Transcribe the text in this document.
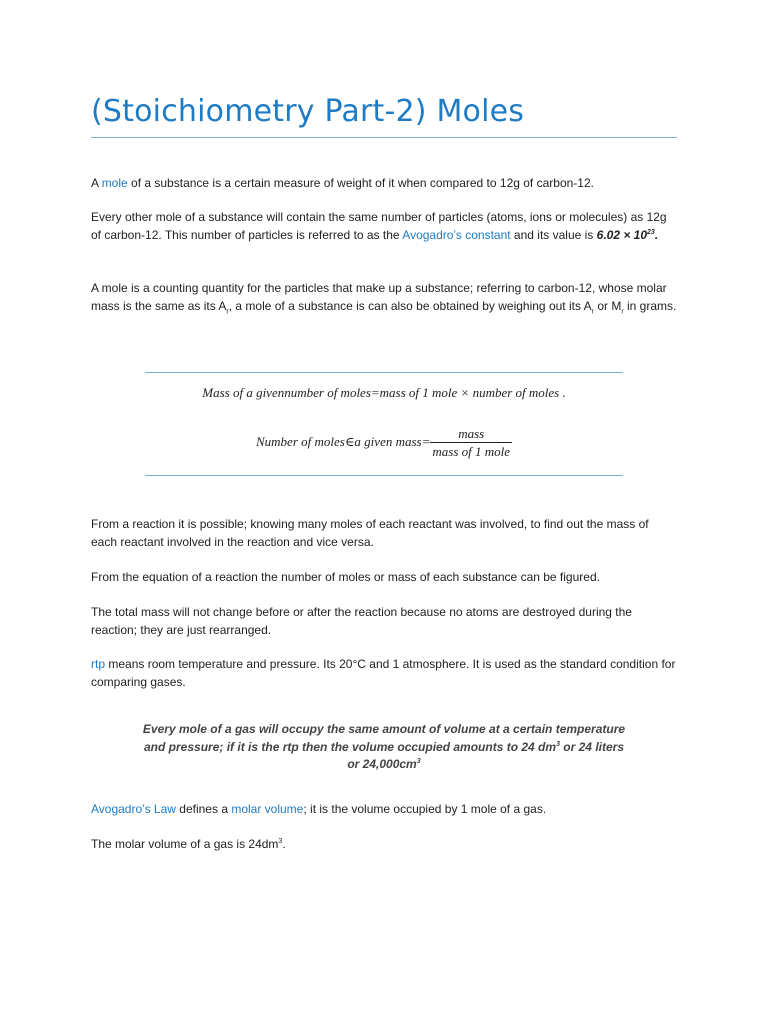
(Stoichiometry Part-2) Moles

A mole of a substance is a certain measure of weight of it when compared to 12g of carbon-12.

Every other mole of a substance will contain the same number of particles (atoms, ions or molecules) as 12g of carbon-12. This number of particles is referred to as the Avogadro’s constant and its value is $6.02 \times 10^{23}$.

A mole is a counting quantity for the particles that make up a substance; referring to carbon-12, whose molar mass is the same as its $A_r$, a mole of a substance is can also be obtained by weighing out its $A_r$ or $M_r$ in grams.

Mass of a givennumber of moles=mass of 1 mole × number of moles .
Number of moles∈a given mass= $\frac{\text{mass}}{\text{mass of 1 mole}}$

From a reaction it is possible; knowing many moles of each reactant was involved, to find out the mass of each reactant involved in the reaction and vice versa.

From the equation of a reaction the number of moles or mass of each substance can be figured.

The total mass will not change before or after the reaction because no atoms are destroyed during the reaction; they are just rearranged.

rtp means room temperature and pressure. Its 20°C and 1 atmosphere. It is used as the standard condition for comparing gases.

Every mole of a gas will occupy the same amount of volume at a certain temperature and pressure; if it is the rtp then the volume occupied amounts to 24 $dm^3$ or 24 liters or $24,000cm^3$

Avogadro’s Law defines a molar volume; it is the volume occupied by 1 mole of a gas.

The molar volume of a gas is $24dm^3$.
